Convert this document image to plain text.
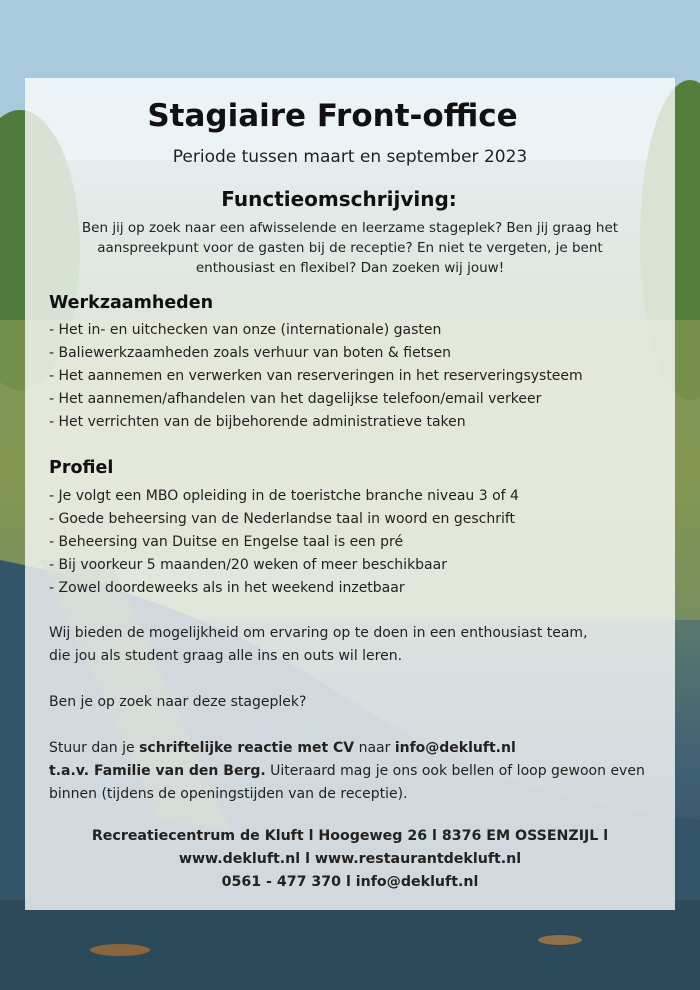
Stagiaire Front-office
Periode tussen maart en september 2023
Functieomschrijving:
Ben jij op zoek naar een afwisselende en leerzame stageplek? Ben jij graag het
aanspreekpunt voor de gasten bij de receptie? En niet te vergeten, je bent
enthousiast en flexibel? Dan zoeken wij jouw!
Werkzaamheden
- Het in- en uitchecken van onze (internationale) gasten
- Baliewerkzaamheden zoals verhuur van boten & fietsen
- Het aannemen en verwerken van reserveringen in het reserveringsysteem
- Het aannemen/afhandelen van het dagelijkse telefoon/email verkeer
- Het verrichten van de bijbehorende administratieve taken
Profiel
- Je volgt een MBO opleiding in de toeristche branche niveau 3 of 4
- Goede beheersing van de Nederlandse taal in woord en geschrift
- Beheersing van Duitse en Engelse taal is een pré
- Bij voorkeur 5 maanden/20 weken of meer beschikbaar
- Zowel doordeweeks als in het weekend inzetbaar
Wij bieden de mogelijkheid om ervaring op te doen in een enthousiast team,
die jou als student graag alle ins en outs wil leren.
Ben je op zoek naar deze stageplek?
Stuur dan je schriftelijke reactie met CV naar info@dekluft.nl
t.a.v. Familie van den Berg. Uiteraard mag je ons ook bellen of loop gewoon even
binnen (tijdens de openingstijden van de receptie).
Recreatiecentrum de Kluft l Hoogeweg 26 l 8376 EM OSSENZIJL l
www.dekluft.nl l www.restaurantdekluft.nl
0561 - 477 370 l info@dekluft.nl
